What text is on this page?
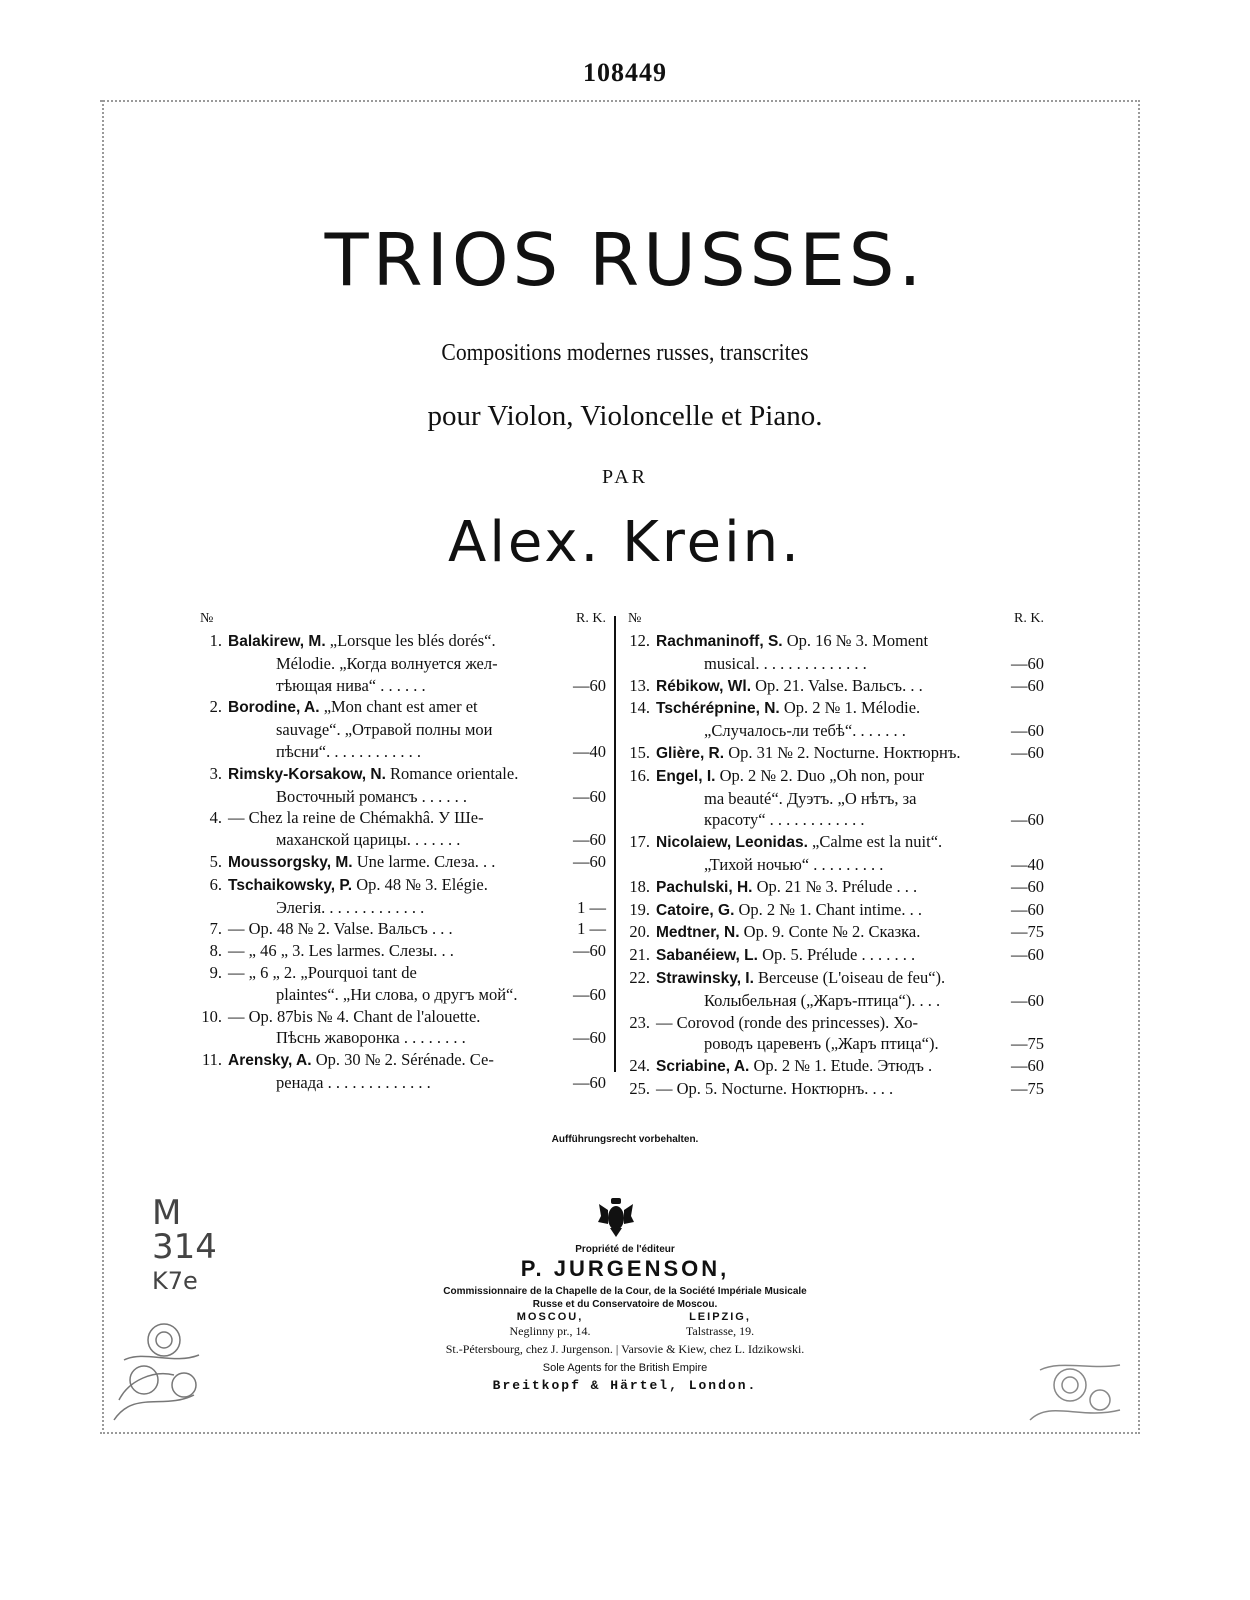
108449
TRIOS RUSSES.
Compositions modernes russes, transcrites
pour Violon, Violoncelle et Piano.
PAR
Alex. Krein.
№	R. K.
1. Balakirew, M. „Lorsque les blés dorés“.
Mélodie. „Когда волнуется жел-
тѣющая нива“ . . . . . .	—60
2. Borodine, A. „Mon chant est amer et
sauvage“. „Отравой полны мои
пѣсни“. . . . . . . . . . . .	—40
3. Rimsky-Korsakow, N. Romance orientale.
Восточный романсъ . . . . . .	—60
4. — Chez la reine de Chémakhâ. У Ше-
маханской царицы. . . . . . .	—60
5. Moussorgsky, M. Une larme. Слеза. . .	—60
6. Tschaikowsky, P. Op. 48 № 3. Elégie.
Элегія. . . . . . . . . . . . .	1 —
7. — Op. 48 № 2. Valse. Вальсъ . . .	1 —
8. — „ 46 „ 3. Les larmes. Слезы. . .	—60
9. — „ 6 „ 2. „Pourquoi tant de
plaintes“. „Ни слова, о другъ мой“.	—60
10. — Op. 87bis № 4. Chant de l'alouette.
Пѣснь жаворонка . . . . . . . .	—60
11. Arensky, A. Op. 30 № 2. Sérénade. Се-
ренада . . . . . . . . . . . . .	—60
№	R. K.
12. Rachmaninoff, S. Op. 16 № 3. Moment
musical. . . . . . . . . . . . . .	—60
13. Rébikow, Wl. Op. 21. Valse. Вальсъ. . .	—60
14. Tschérépnine, N. Op. 2 № 1. Mélodie.
„Случалось-ли тебѣ“. . . . . . .	—60
15. Glière, R. Op. 31 № 2. Nocturne. Ноктюрнъ.	—60
16. Engel, I. Op. 2 № 2. Duo „Oh non, pour
ma beauté“. Дуэтъ. „О нѣтъ, за
красоту“ . . . . . . . . . . . .	—60
17. Nicolaiew, Leonidas. „Calme est la nuit“.
„Тихой ночью“ . . . . . . . . .	—40
18. Pachulski, H. Op. 21 № 3. Prélude . . .	—60
19. Catoire, G. Op. 2 № 1. Chant intime. . .	—60
20. Medtner, N. Op. 9. Conte № 2. Сказка.	—75
21. Sabanéiew, L. Op. 5. Prélude . . . . . . .	—60
22. Strawinsky, I. Berceuse (L'oiseau de feu“).
Колыбельная („Жаръ-птица“). . . .	—60
23. — Corovod (ronde des princesses). Хо-
роводъ царевенъ („Жаръ птица“).	—75
24. Scriabine, A. Op. 2 № 1. Etude. Этюдъ .	—60
25. — Op. 5. Nocturne. Ноктюрнъ. . . .	—75
Aufführungsrecht vorbehalten.
Propriété de l'éditeur
P. JURGENSON,
Commissionnaire de la Chapelle de la Cour, de la Société Impériale Musicale
Russe et du Conservatoire de Moscou.
MOSCOU,
Neglinny pr., 14.
LEIPZIG,
Talstrasse, 19.
St.-Pétersbourg, chez J. Jurgenson. | Varsovie & Kiew, chez L. Idzikowski.
Sole Agents for the British Empire
Breitkopf & Härtel, London.
M
314
K7e
